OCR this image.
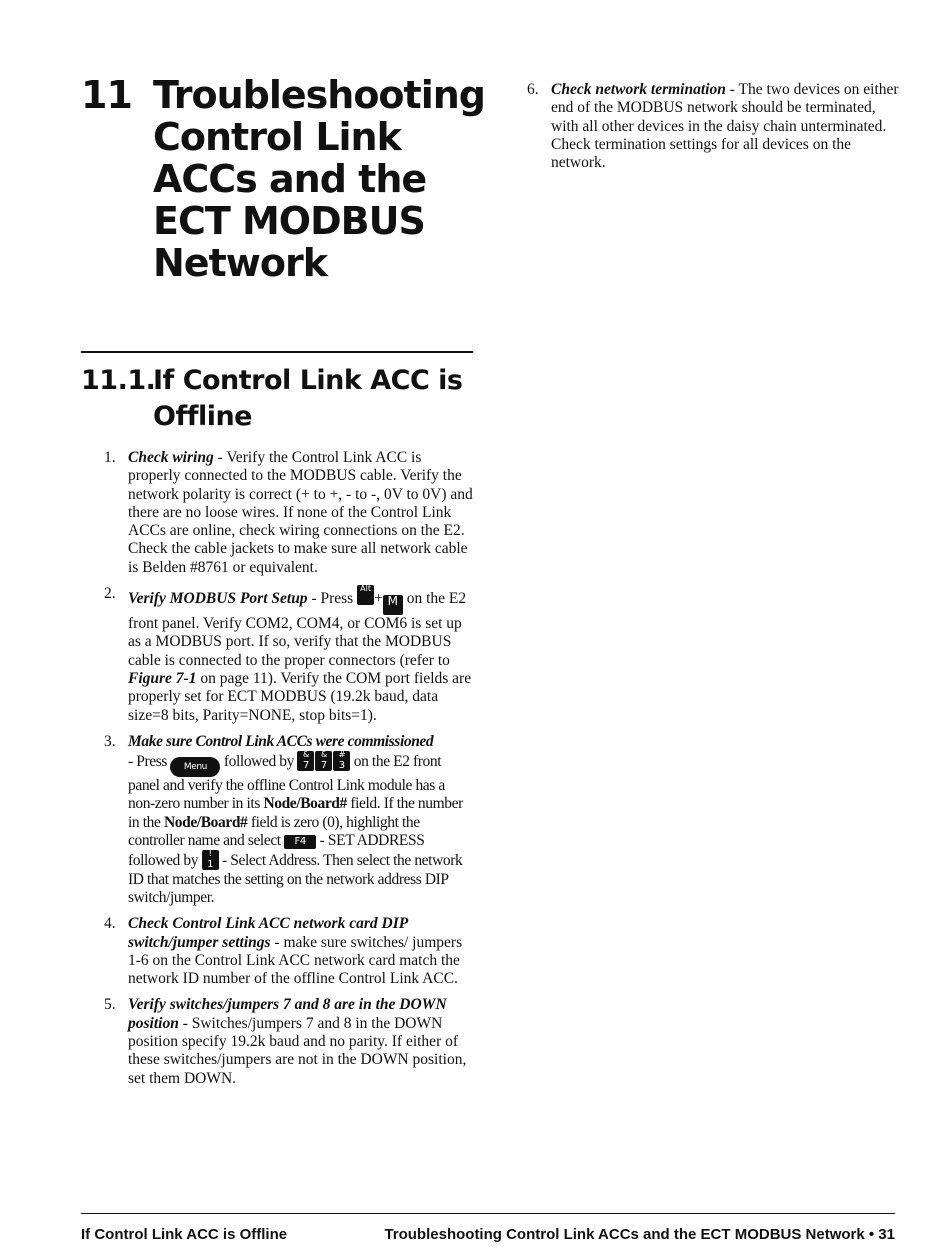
11 Troubleshooting Control Link ACCs and the ECT MODBUS Network
11.1.
If Control Link ACC is Offline
1. Check wiring - Verify the Control Link ACC is properly connected to the MODBUS cable. Verify the network polarity is correct (+ to +, - to -, 0V to 0V) and there are no loose wires. If none of the Control Link ACCs are online, check wiring connections on the E2. Check the cable jackets to make sure all network cable is Belden #8761 or equivalent.
2. Verify MODBUS Port Setup - Press
Alt
+ M on the E2 front panel. Verify COM2, COM4, or COM6 is set up as a MODBUS port. If so, verify that the MODBUS cable is connected to the proper connectors (refer to Figure 7-1 on page 11). Verify the COM port fields are properly set for ECT MODBUS (19.2k baud, data size=8 bits, Parity=NONE, stop bits=1).
3. Make sure Control Link ACCs were commissioned
- Press Menu followed by &
7 
&
7 
#
3 on the E2 front panel and verify the offline Control Link module has a non-zero number in its Node/Board# field. If the number in the Node/Board# field is zero (0), highlight the controller name and select F4 - SET ADDRESS followed by !
1 - Select Address. Then select the network ID that matches the setting on the network address DIP switch/jumper.
4. Check Control Link ACC network card DIP switch/jumper settings - make sure switches/ jumpers 1-6 on the Control Link ACC network card match the network ID number of the offline Control Link ACC.
5. Verify switches/jumpers 7 and 8 are in the DOWN position - Switches/jumpers 7 and 8 in the DOWN position specify 19.2k baud and no parity. If either of these switches/jumpers are not in the DOWN position, set them DOWN.
6. Check network termination - The two devices on either end of the MODBUS network should be terminated, with all other devices in the daisy chain unterminated. Check termination settings for all devices on the network.
If Control Link ACC is Offline	Troubleshooting Control Link ACCs and the ECT MODBUS Network • 31
